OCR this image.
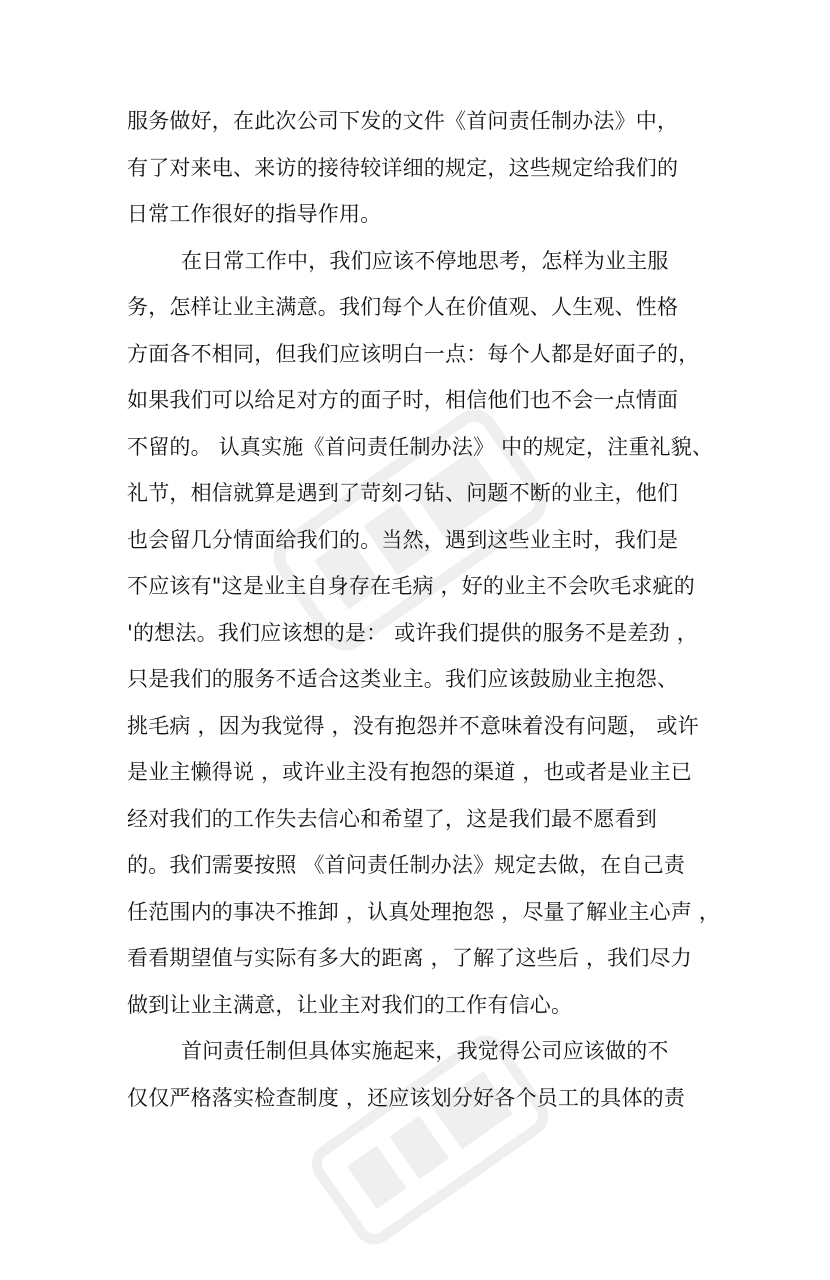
服务做好，在此次公司下发的文件《首问责任制办法》中，
有了对来电、来访的接待较详细的规定，这些规定给我们的
日常工作很好的指导作用。
在日常工作中，我们应该不停地思考，怎样为业主服
务，怎样让业主满意。我们每个人在价值观、人生观、性格
方面各不相同，但我们应该明白一点：每个人都是好面子的，
如果我们可以给足对方的面子时，相信他们也不会一点情面
不留的。 认真实施《首问责任制办法》 中的规定，注重礼貌、
礼节，相信就算是遇到了苛刻刁钻、问题不断的业主，他们
也会留几分情面给我们的。当然，遇到这些业主时，我们是
不应该有"这是业主自身存在毛病 ，好的业主不会吹毛求疵的
'的想法。我们应该想的是： 或许我们提供的服务不是差劲 ，
只是我们的服务不适合这类业主。我们应该鼓励业主抱怨、
挑毛病 ，因为我觉得 ，没有抱怨并不意味着没有问题， 或许
是业主懒得说 ，或许业主没有抱怨的渠道 ，也或者是业主已
经对我们的工作失去信心和希望了，这是我们最不愿看到
的。我们需要按照 《首问责任制办法》规定去做，在自己责
任范围内的事决不推卸 ，认真处理抱怨 ，尽量了解业主心声 ，
看看期望值与实际有多大的距离 ，了解了这些后 ，我们尽力
做到让业主满意，让业主对我们的工作有信心。
首问责任制但具体实施起来，我觉得公司应该做的不
仅仅严格落实检查制度 ，还应该划分好各个员工的具体的责
